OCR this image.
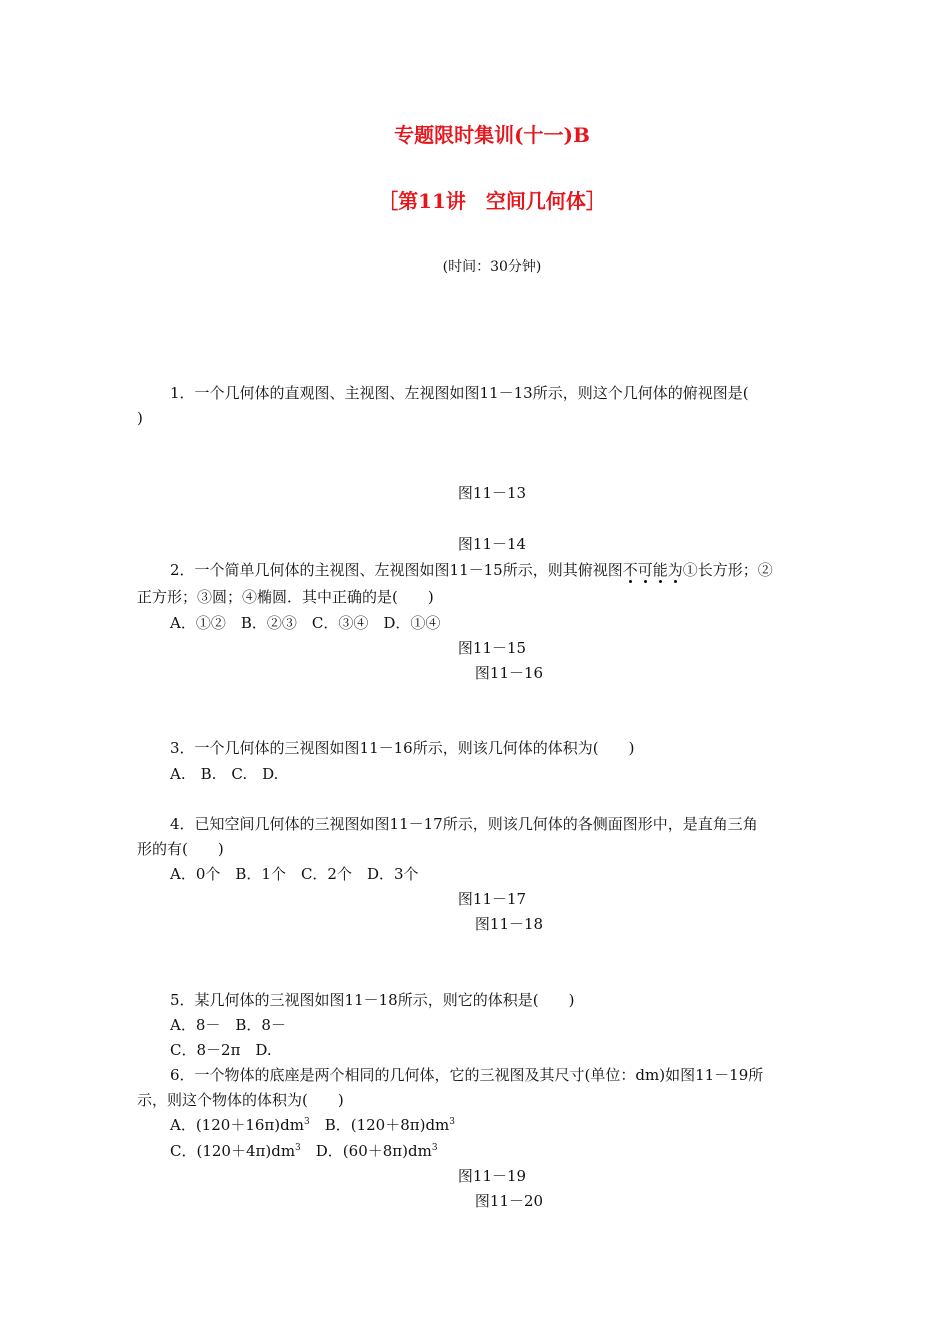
专题限时集训(十一)B
［第11讲　空间几何体］
(时间：30分钟)
1．一个几何体的直观图、主视图、左视图如图11－13所示，则这个几何体的俯视图是(
)
图11－13
图11－14
2．一个简单几何体的主视图、左视图如图11－15所示，则其俯视图不可能为①长方形；②
正方形；③圆；④椭圆．其中正确的是(　　)
A．①②　B．②③　C．③④　D．①④
图11－15
图11－16
3．一个几何体的三视图如图11－16所示，则该几何体的体积为(　　)
A.　B.　C.　D.
4．已知空间几何体的三视图如图11－17所示，则该几何体的各侧面图形中，是直角三角
形的有(　　)
A．0个　B．1个　C．2个　D．3个
图11－17
图11－18
5．某几何体的三视图如图11－18所示，则它的体积是(　　)
A．8－　B．8－
C．8－2π　D.
6．一个物体的底座是两个相同的几何体，它的三视图及其尺寸(单位：dm)如图11－19所
示，则这个物体的体积为(　　)
A．$(120+16\pi)dm^3$　B．$(120+8\pi)dm^3$
C．$(120+4\pi)dm^3$　D．$(60+8\pi)dm^3$
图11－19
图11－20
